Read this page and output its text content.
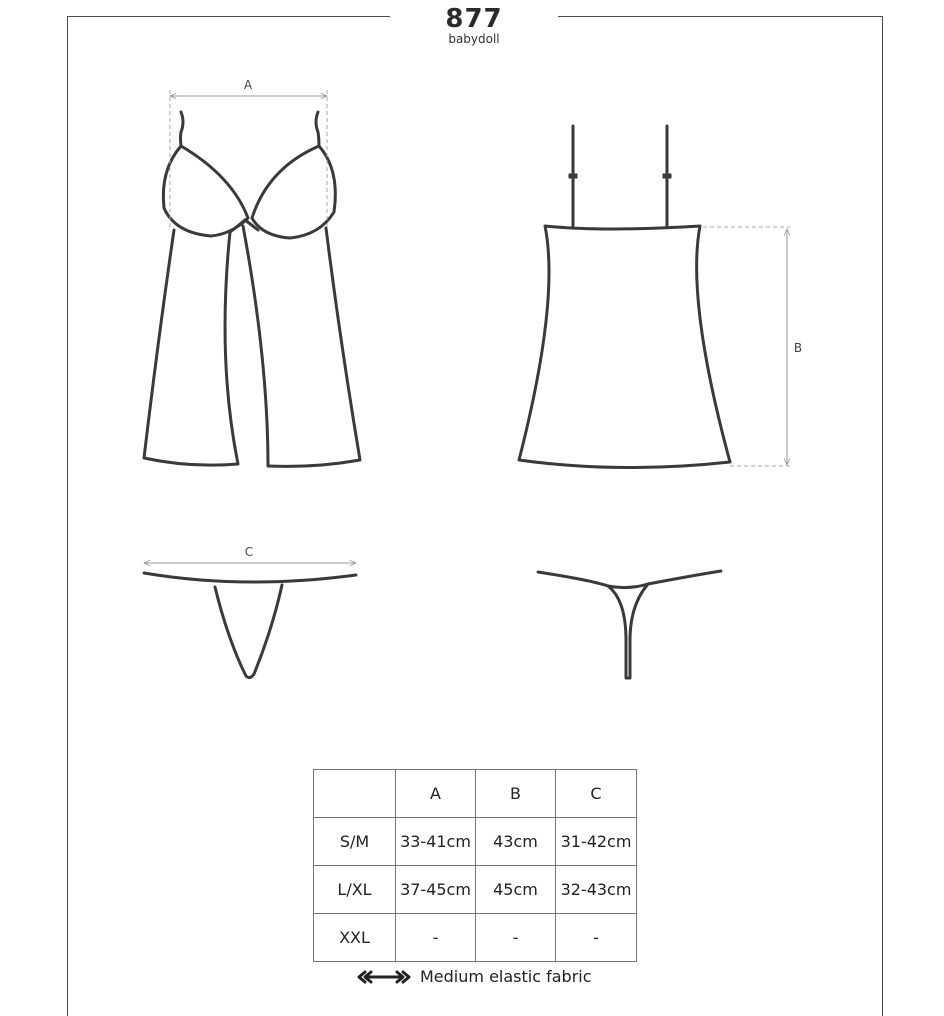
877
babydoll
A
B
C
	A	B	C
S/M	33-41cm	43cm	31-42cm
L/XL	37-45cm	45cm	32-43cm
XXL	-	-	-
Medium elastic fabric
